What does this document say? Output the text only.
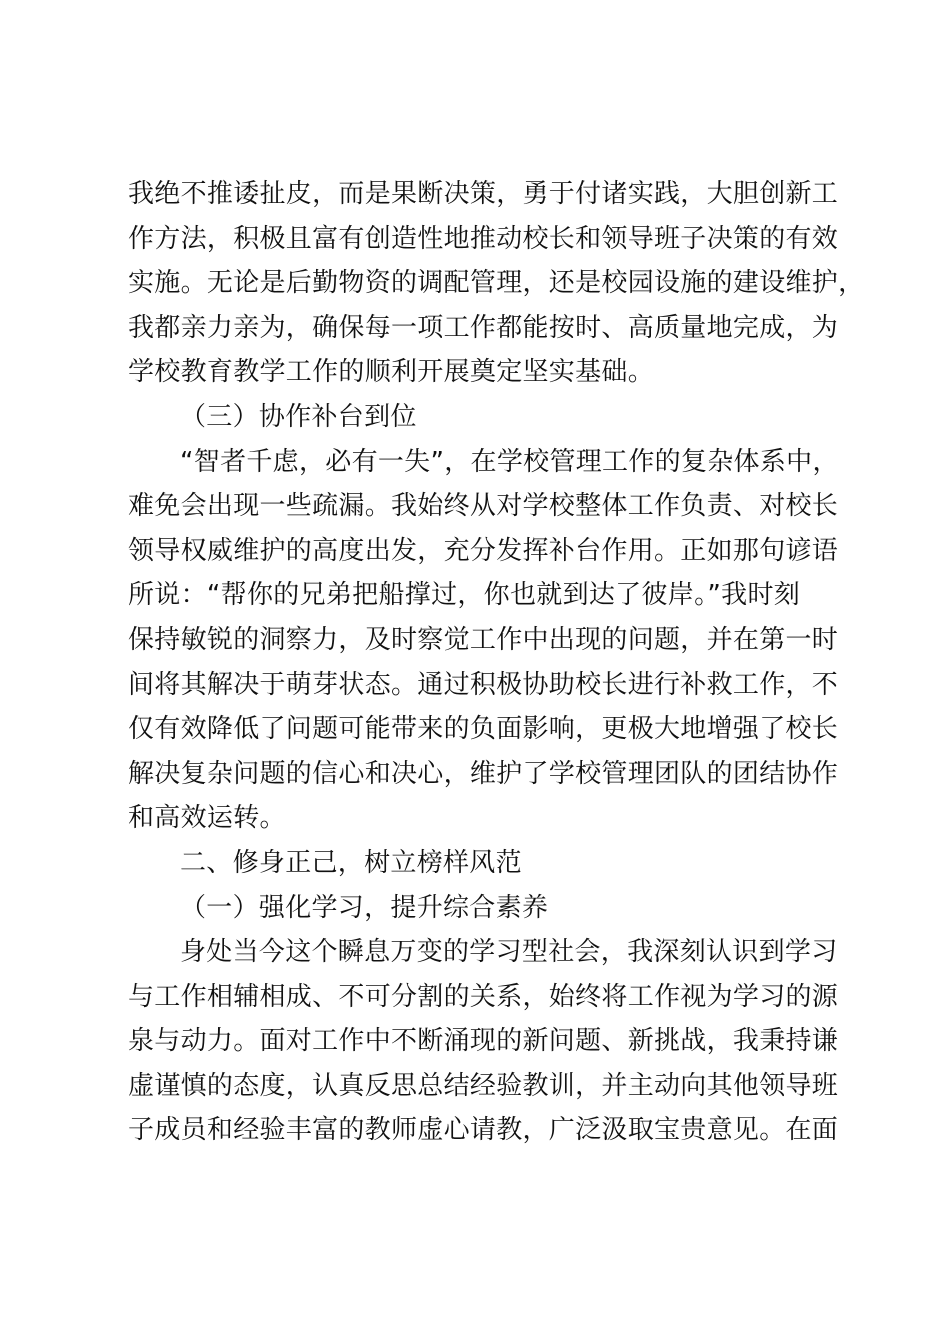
我绝不推诿扯皮，而是果断决策，勇于付诸实践，大胆创新工
作方法，积极且富有创造性地推动校长和领导班子决策的有效
实施。无论是后勤物资的调配管理，还是校园设施的建设维护，
我都亲力亲为，确保每一项工作都能按时、高质量地完成，为
学校教育教学工作的顺利开展奠定坚实基础。
（三）协作补台到位
“智者千虑，必有一失”，在学校管理工作的复杂体系中，
难免会出现一些疏漏。我始终从对学校整体工作负责、对校长
领导权威维护的高度出发，充分发挥补台作用。正如那句谚语
所说：“帮你的兄弟把船撑过，你也就到达了彼岸。”我时刻
保持敏锐的洞察力，及时察觉工作中出现的问题，并在第一时
间将其解决于萌芽状态。通过积极协助校长进行补救工作，不
仅有效降低了问题可能带来的负面影响，更极大地增强了校长
解决复杂问题的信心和决心，维护了学校管理团队的团结协作
和高效运转。
二、修身正己，树立榜样风范
（一）强化学习，提升综合素养
身处当今这个瞬息万变的学习型社会，我深刻认识到学习
与工作相辅相成、不可分割的关系，始终将工作视为学习的源
泉与动力。面对工作中不断涌现的新问题、新挑战，我秉持谦
虚谨慎的态度，认真反思总结经验教训，并主动向其他领导班
子成员和经验丰富的教师虚心请教，广泛汲取宝贵意见。在面
